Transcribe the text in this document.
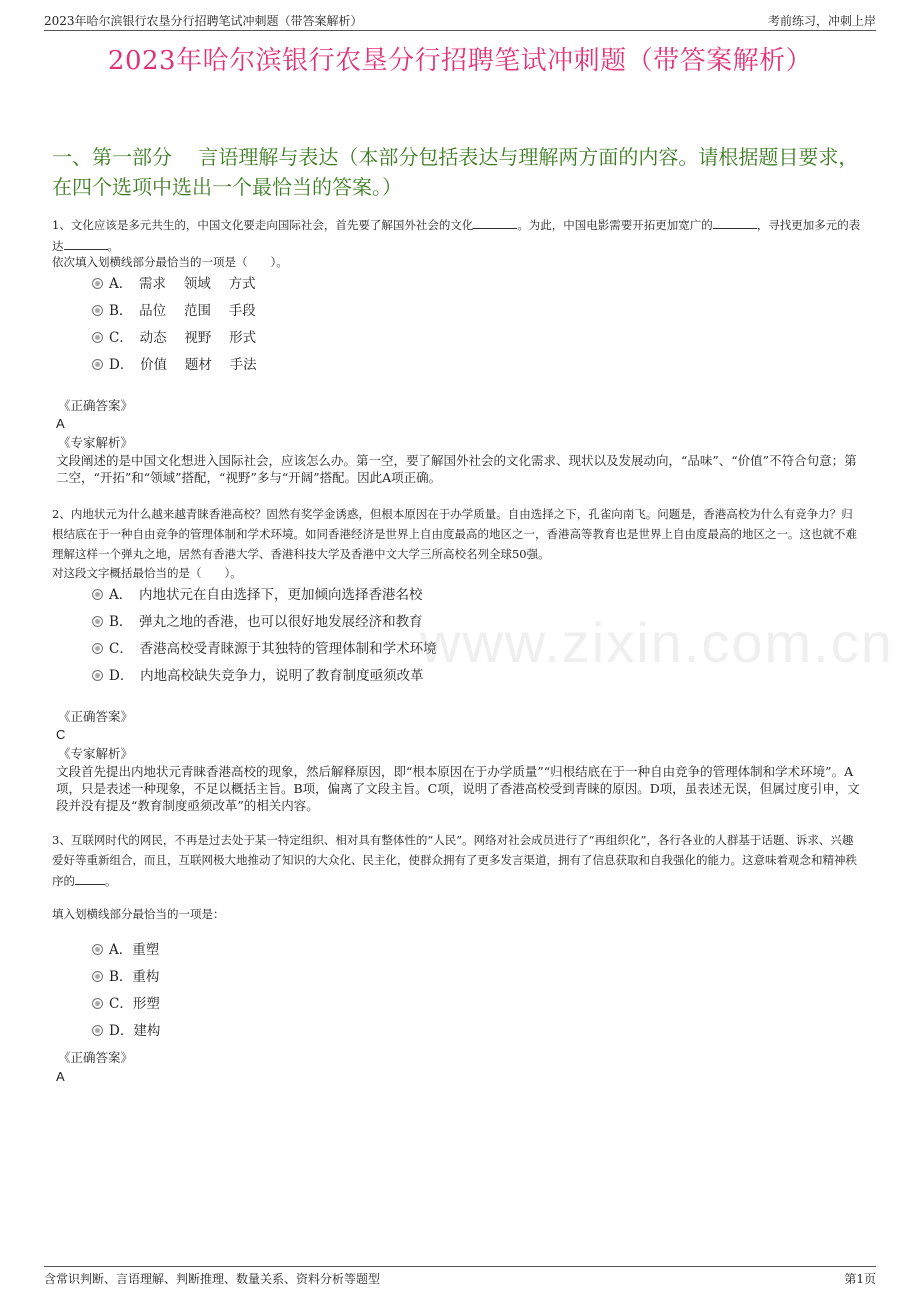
2023年哈尔滨银行农垦分行招聘笔试冲刺题（带答案解析）	考前练习，冲刺上岸
2023年哈尔滨银行农垦分行招聘笔试冲刺题（带答案解析）
一、第一部分　 言语理解与表达（本部分包括表达与理解两方面的内容。请根据题目要求，在四个选项中选出一个最恰当的答案。）
1、文化应该是多元共生的，中国文化要走向国际社会，首先要了解国外社会的文化	。为此，中国电影需要开拓更加宽广的	，寻找更加多元的表达	。
依次填入划横线部分最恰当的一项是（　　）。
A．　需求　 领域　 方式
B．　品位　 范围　 手段
C．　动态　 视野　 形式
D．　价值　 题材　 手法
《正确答案》
A
《专家解析》
文段阐述的是中国文化想进入国际社会，应该怎么办。第一空，要了解国外社会的文化需求、现状以及发展动向，“品味”、“价值”不符合句意；第二空，“开拓”和“领域”搭配，“视野”多与“开阔”搭配。因此A项正确。
2、内地状元为什么越来越青睐香港高校？固然有奖学金诱惑，但根本原因在于办学质量。自由选择之下，孔雀向南飞。问题是，香港高校为什么有竞争力？归根结底在于一种自由竞争的管理体制和学术环境。如同香港经济是世界上自由度最高的地区之一，香港高等教育也是世界上自由度最高的地区之一。这也就不难理解这样一个弹丸之地，居然有香港大学、香港科技大学及香港中文大学三所高校名列全球50强。
对这段文字概括最恰当的是（　　）。
A．　内地状元在自由选择下，更加倾向选择香港名校
B．　弹丸之地的香港，也可以很好地发展经济和教育
C．　香港高校受青睐源于其独特的管理体制和学术环境
D．　内地高校缺失竞争力，说明了教育制度亟须改革
《正确答案》
C
《专家解析》
文段首先提出内地状元青睐香港高校的现象，然后解释原因，即“根本原因在于办学质量”“归根结底在于一种自由竞争的管理体制和学术环境”。A项，只是表述一种现象，不足以概括主旨。B项，偏离了文段主旨。C项，说明了香港高校受到青睐的原因。D项，虽表述无误，但属过度引申，文段并没有提及“教育制度亟须改革”的相关内容。
3、互联网时代的网民，不再是过去处于某一特定组织、相对具有整体性的“人民”。网络对社会成员进行了“再组织化”，各行各业的人群基于话题、诉求、兴趣爱好等重新组合，而且，互联网极大地推动了知识的大众化、民主化，使群众拥有了更多发言渠道，拥有了信息获取和自我强化的能力。这意味着观念和精神秩序的	。
填入划横线部分最恰当的一项是：
A．重塑
B．重构
C．形塑
D．建构
《正确答案》
A
www.zixin.com.cn
含常识判断、言语理解、判断推理、数量关系、资料分析等题型	第1页
